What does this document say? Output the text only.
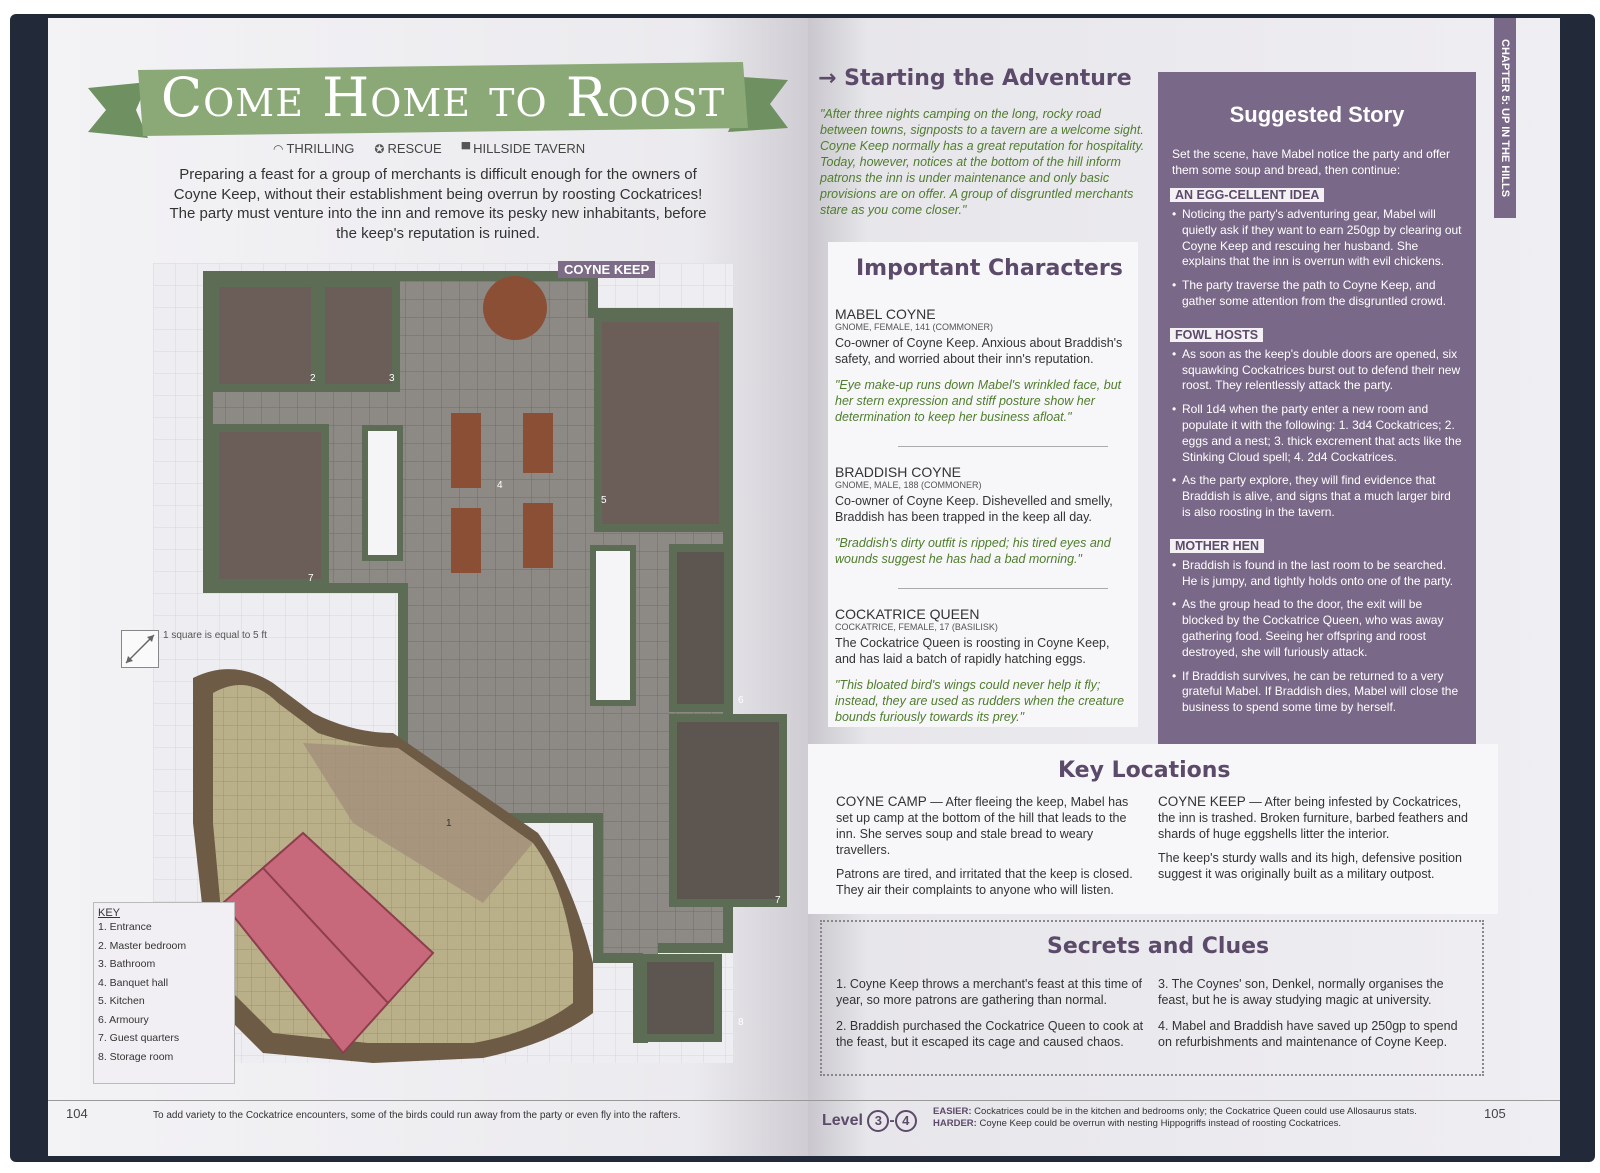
Come Home to Roost
◠ THRILLING ✪ RESCUE ▀ HILLSIDE TAVERN
Preparing a feast for a group of merchants is difficult enough for the owners of Coyne Keep, without their establishment being overrun by roosting Cockatrices! The party must venture into the inn and remove its pesky new inhabitants, before the keep's reputation is ruined.
2	3
1
4
5
6
7
7
8
COYNE KEEP
1 square is equal to 5 ft
KEY
1. Entrance
2. Master bedroom
3. Bathroom
4. Banquet hall
5. Kitchen
6. Armoury
7. Guest quarters
8. Storage room
104	To add variety to the Cockatrice encounters, some of the birds could run away from the party or even fly into the rafters.
CHAPTER 5: UP IN THE HILLS
→ Starting the Adventure
"After three nights camping on the long, rocky road between towns, signposts to a tavern are a welcome sight. Coyne Keep normally has a great reputation for hospitality. Today, however, notices at the bottom of the hill inform patrons the inn is under maintenance and only basic provisions are on offer. A group of disgruntled merchants stare as you come closer."
Important Characters
MABEL COYNE
GNOME, FEMALE, 141 (COMMONER)
Co-owner of Coyne Keep. Anxious about Braddish's safety, and worried about their inn's reputation.
"Eye make-up runs down Mabel's wrinkled face, but her stern expression and stiff posture show her determination to keep her business afloat."
BRADDISH COYNE
GNOME, MALE, 188 (COMMONER)
Co-owner of Coyne Keep. Dishevelled and smelly, Braddish has been trapped in the keep all day.
"Braddish's dirty outfit is ripped; his tired eyes and wounds suggest he has had a bad morning."
COCKATRICE QUEEN
COCKATRICE, FEMALE, 17 (BASILISK)
The Cockatrice Queen is roosting in Coyne Keep, and has laid a batch of rapidly hatching eggs.
"This bloated bird's wings could never help it fly; instead, they are used as rudders when the creature bounds furiously towards its prey."
Suggested Story
Set the scene, have Mabel notice the party and offer them some soup and bread, then continue:
AN EGG-CELLENT IDEA
• Noticing the party's adventuring gear, Mabel will quietly ask if they want to earn 250gp by clearing out Coyne Keep and rescuing her husband. She explains that the inn is overrun with evil chickens.
• The party traverse the path to Coyne Keep, and gather some attention from the disgruntled crowd.
FOWL HOSTS
• As soon as the keep's double doors are opened, six squawking Cockatrices burst out to defend their new roost. They relentlessly attack the party.
• Roll 1d4 when the party enter a new room and populate it with the following: 1. 3d4 Cockatrices; 2. eggs and a nest; 3. thick excrement that acts like the Stinking Cloud spell; 4. 2d4 Cockatrices.
• As the party explore, they will find evidence that Braddish is alive, and signs that a much larger bird is also roosting in the tavern.
MOTHER HEN
• Braddish is found in the last room to be searched. He is jumpy, and tightly holds onto one of the party.
• As the group head to the door, the exit will be blocked by the Cockatrice Queen, who was away gathering food. Seeing her offspring and roost destroyed, she will furiously attack.
• If Braddish survives, he can be returned to a very grateful Mabel. If Braddish dies, Mabel will close the business to spend some time by herself.
Key Locations

COYNE CAMP — After fleeing the keep, Mabel has set up camp at the bottom of the hill that leads to the inn. She serves soup and stale bread to weary travellers.

Patrons are tired, and irritated that the keep is closed. They air their complaints to anyone who will listen.

COYNE KEEP — After being infested by Cockatrices, the inn is trashed. Broken furniture, barbed feathers and shards of huge eggshells litter the interior.

The keep's sturdy walls and its high, defensive position suggest it was originally built as a military outpost.

Secrets and Clues

1. Coyne Keep throws a merchant's feast at this time of year, so more patrons are gathering than normal.

2. Braddish purchased the Cockatrice Queen to cook at the feast, but it escaped its cage and caused chaos.

3. The Coynes' son, Denkel, normally organises the feast, but he is away studying magic at university.

4. Mabel and Braddish have saved up 250gp to spend on refurbishments and maintenance of Coyne Keep.

Level 3 - 4
EASIER: Cockatrices could be in the kitchen and bedrooms only; the Cockatrice Queen could use Allosaurus stats.
HARDER: Coyne Keep could be overrun with nesting Hippogriffs instead of roosting Cockatrices.
105
